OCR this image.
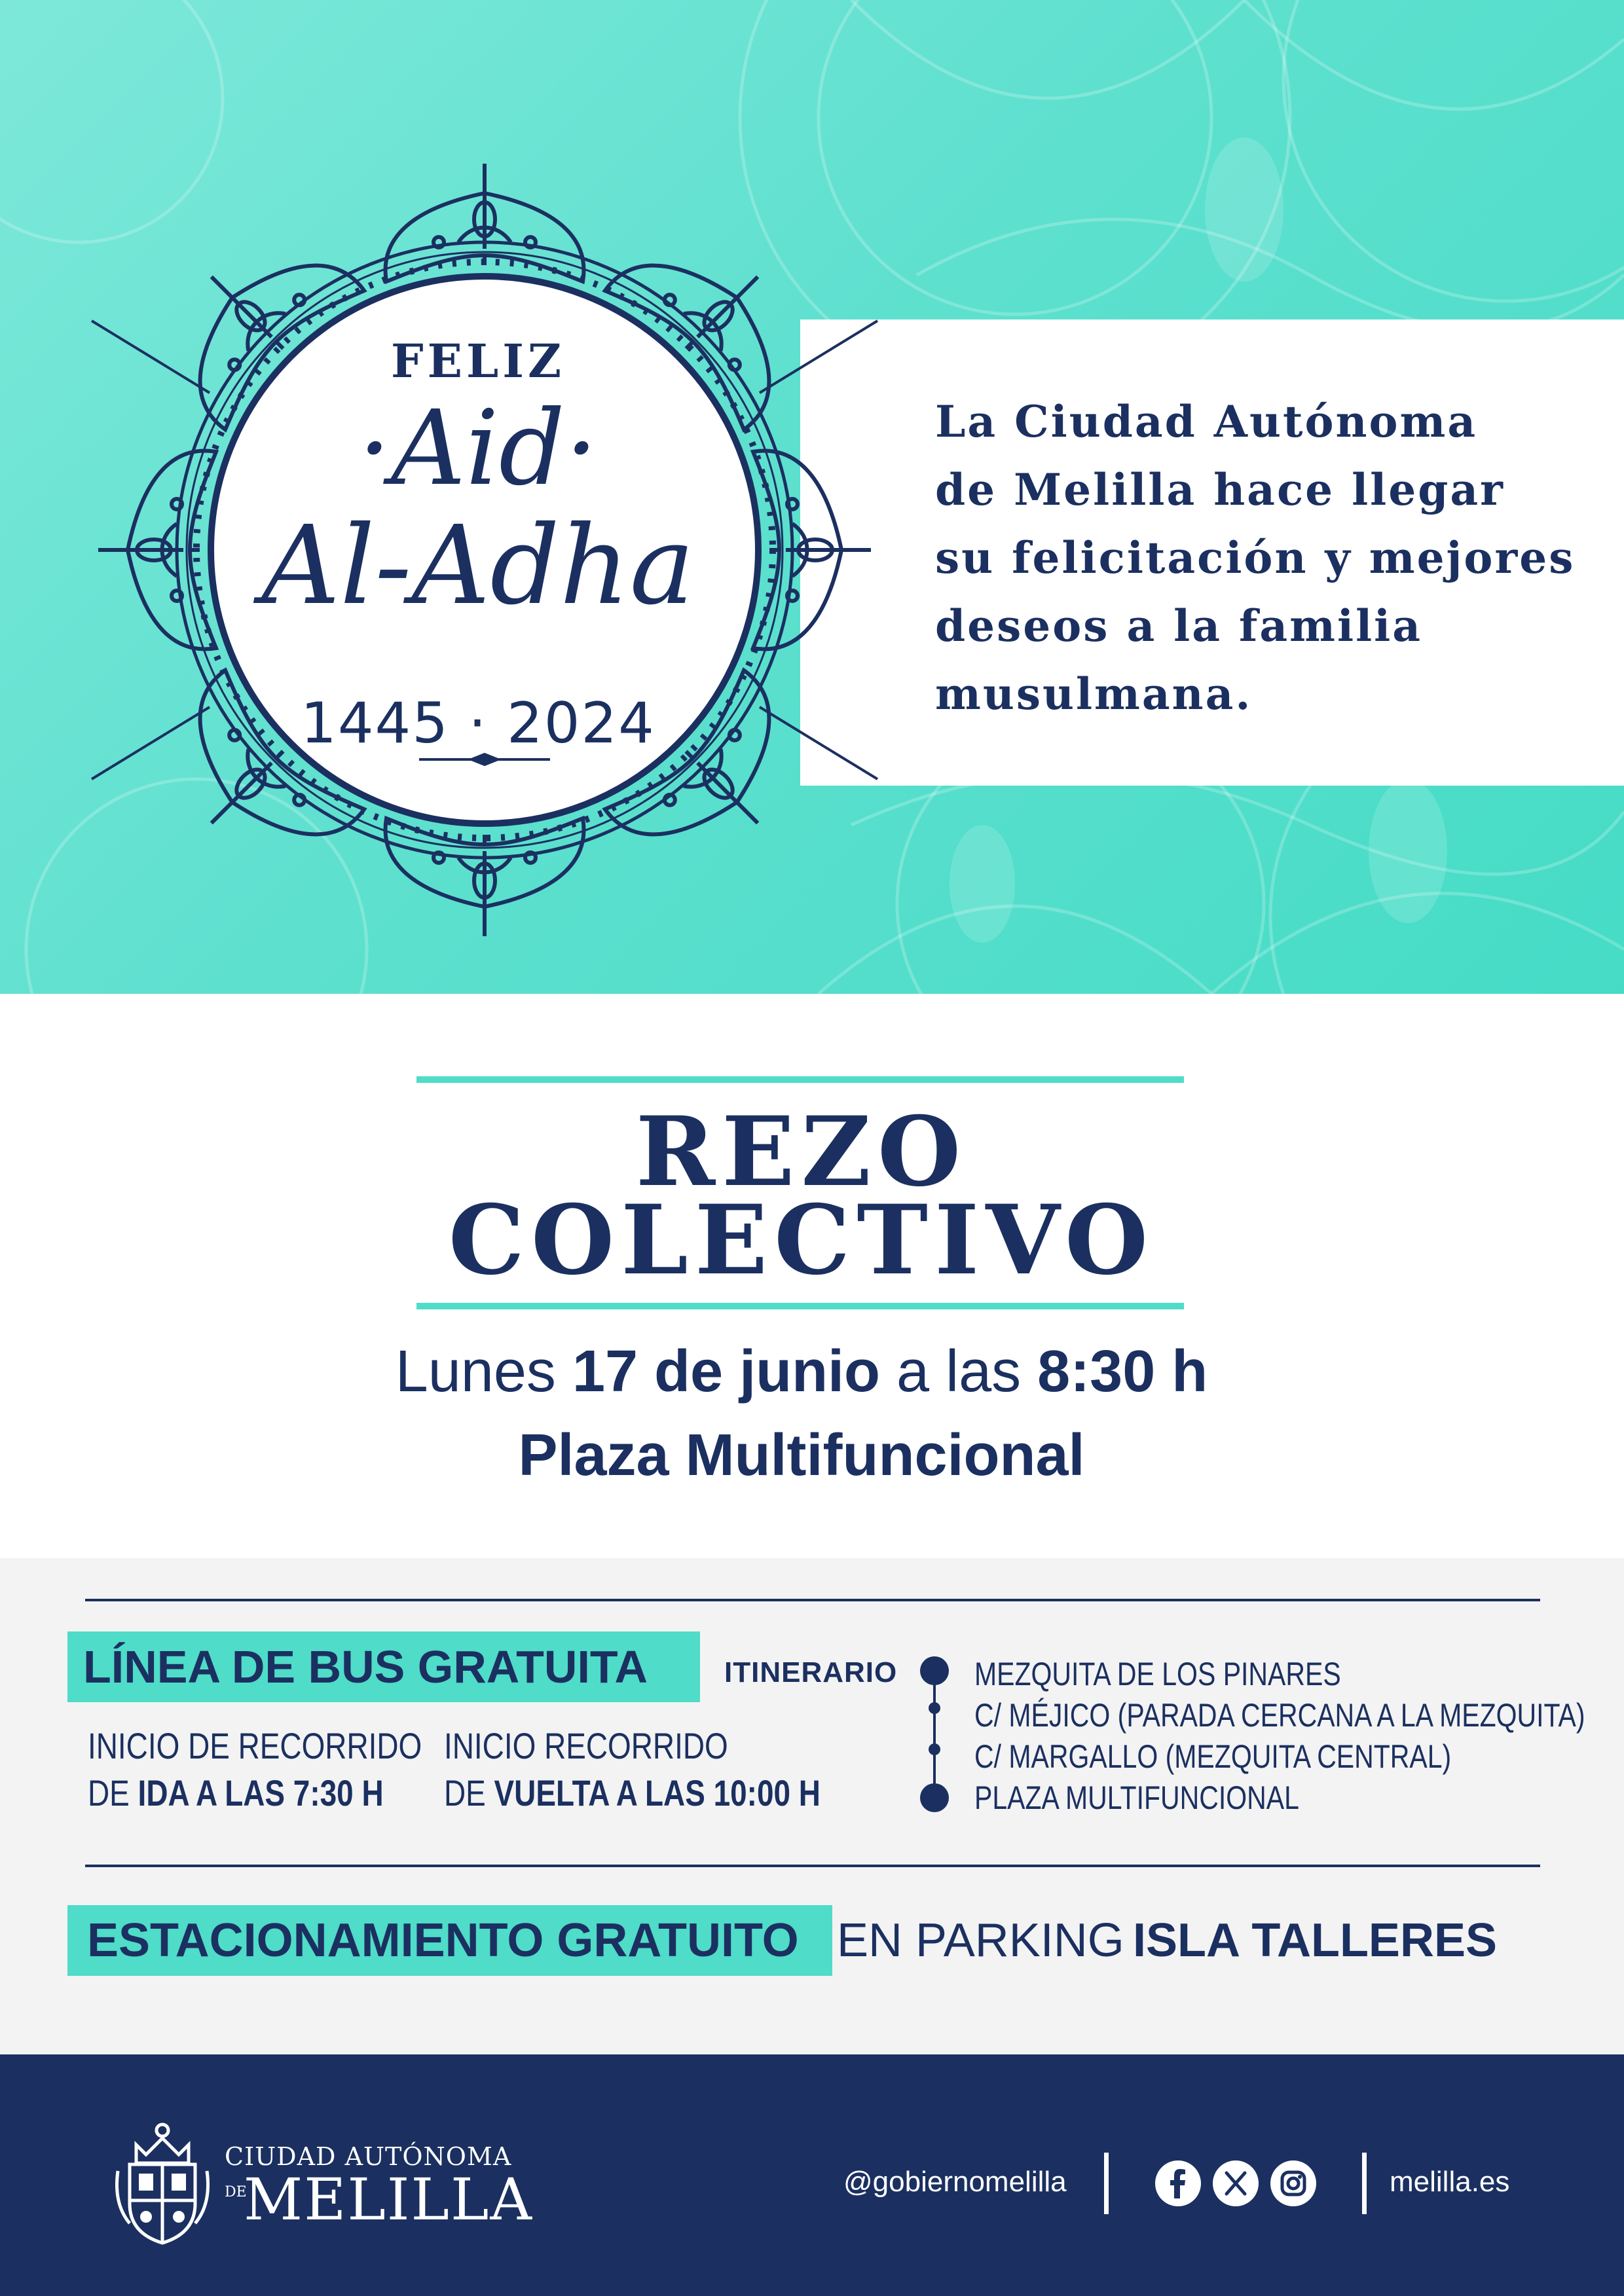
FELIZ
·Aid·
Al-Adha
1445 · 2024
La Ciudad Autónoma
de Melilla hace llegar
su felicitación y mejores
deseos a la familia
musulmana.
REZO
COLECTIVO
Lunes 17 de junio a las 8:30 h
Plaza Multifuncional
LÍNEA DE BUS GRATUITA	ITINERARIO
INICIO DE RECORRIDO
DE IDA A LAS 7:30 H
INICIO RECORRIDO
DE VUELTA A LAS 10:00 H
MEZQUITA DE LOS PINARES
C/ MÉJICO (PARADA CERCANA A LA MEZQUITA)
C/ MARGALLO (MEZQUITA CENTRAL)
PLAZA MULTIFUNCIONAL
ESTACIONAMIENTO GRATUITO EN PARKING ISLA TALLERES
CIUDAD AUTÓNOMA
DE
MELILLA	@gobiernomelilla	melilla.es
